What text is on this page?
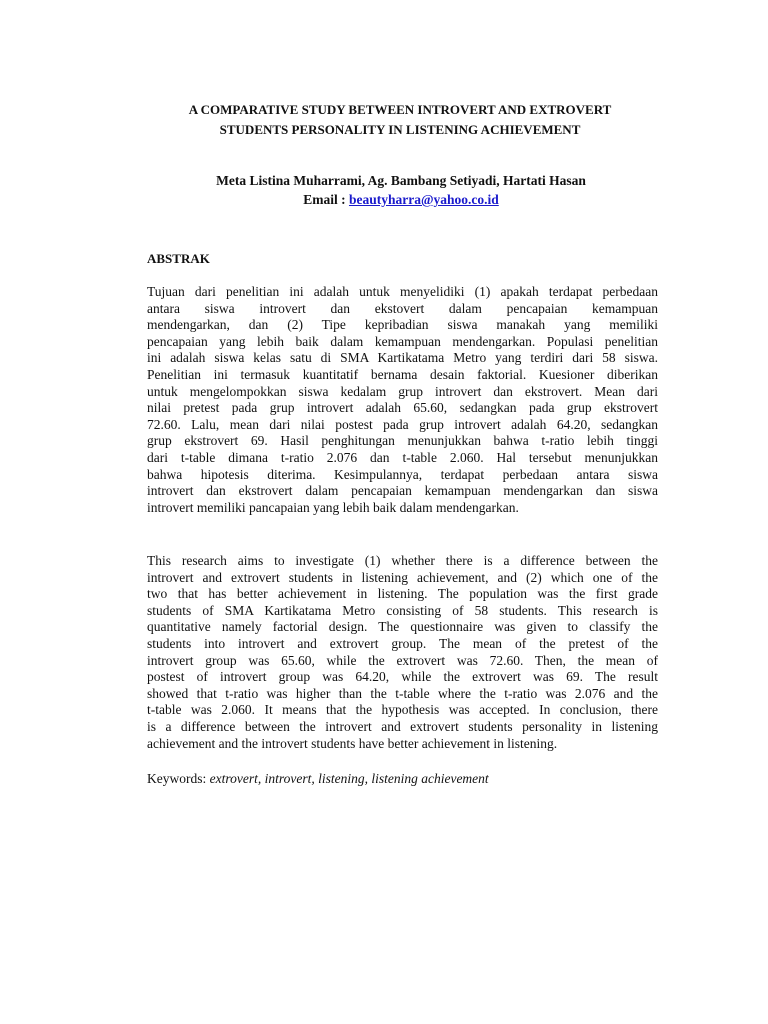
A COMPARATIVE STUDY BETWEEN INTROVERT AND EXTROVERT
STUDENTS PERSONALITY IN LISTENING ACHIEVEMENT
Meta Listina Muharrami, Ag. Bambang Setiyadi, Hartati Hasan
Email : beautyharra@yahoo.co.id
ABSTRAK
Tujuan dari penelitian ini adalah untuk menyelidiki (1) apakah terdapat perbedaan
antara siswa introvert dan ekstovert dalam pencapaian kemampuan
mendengarkan, dan (2) Tipe kepribadian siswa manakah yang memiliki
pencapaian yang lebih baik dalam kemampuan mendengarkan. Populasi penelitian
ini adalah siswa kelas satu di SMA Kartikatama Metro yang terdiri dari 58 siswa.
Penelitian ini termasuk kuantitatif bernama desain faktorial. Kuesioner diberikan
untuk mengelompokkan siswa kedalam grup introvert dan ekstrovert. Mean dari
nilai pretest pada grup introvert adalah 65.60, sedangkan pada grup ekstrovert
72.60. Lalu, mean dari nilai postest pada grup introvert adalah 64.20, sedangkan
grup ekstrovert 69. Hasil penghitungan menunjukkan bahwa t-ratio lebih tinggi
dari t-table dimana t-ratio 2.076 dan t-table 2.060. Hal tersebut menunjukkan
bahwa hipotesis diterima. Kesimpulannya, terdapat perbedaan antara siswa
introvert dan ekstrovert dalam pencapaian kemampuan mendengarkan dan siswa
introvert memiliki pancapaian yang lebih baik dalam mendengarkan.
This research aims to investigate (1) whether there is a difference between the
introvert and extrovert students in listening achievement, and (2) which one of the
two that has better achievement in listening. The population was the first grade
students of SMA Kartikatama Metro consisting of 58 students. This research is
quantitative namely factorial design. The questionnaire was given to classify the
students into introvert and extrovert group. The mean of the pretest of the
introvert group was 65.60, while the extrovert was 72.60. Then, the mean of
postest of introvert group was 64.20, while the extrovert was 69. The result
showed that t-ratio was higher than the t-table where the t-ratio was 2.076 and the
t-table was 2.060. It means that the hypothesis was accepted. In conclusion, there
is a difference between the introvert and extrovert students personality in listening
achievement and the introvert students have better achievement in listening.
Keywords: extrovert, introvert, listening, listening achievement
